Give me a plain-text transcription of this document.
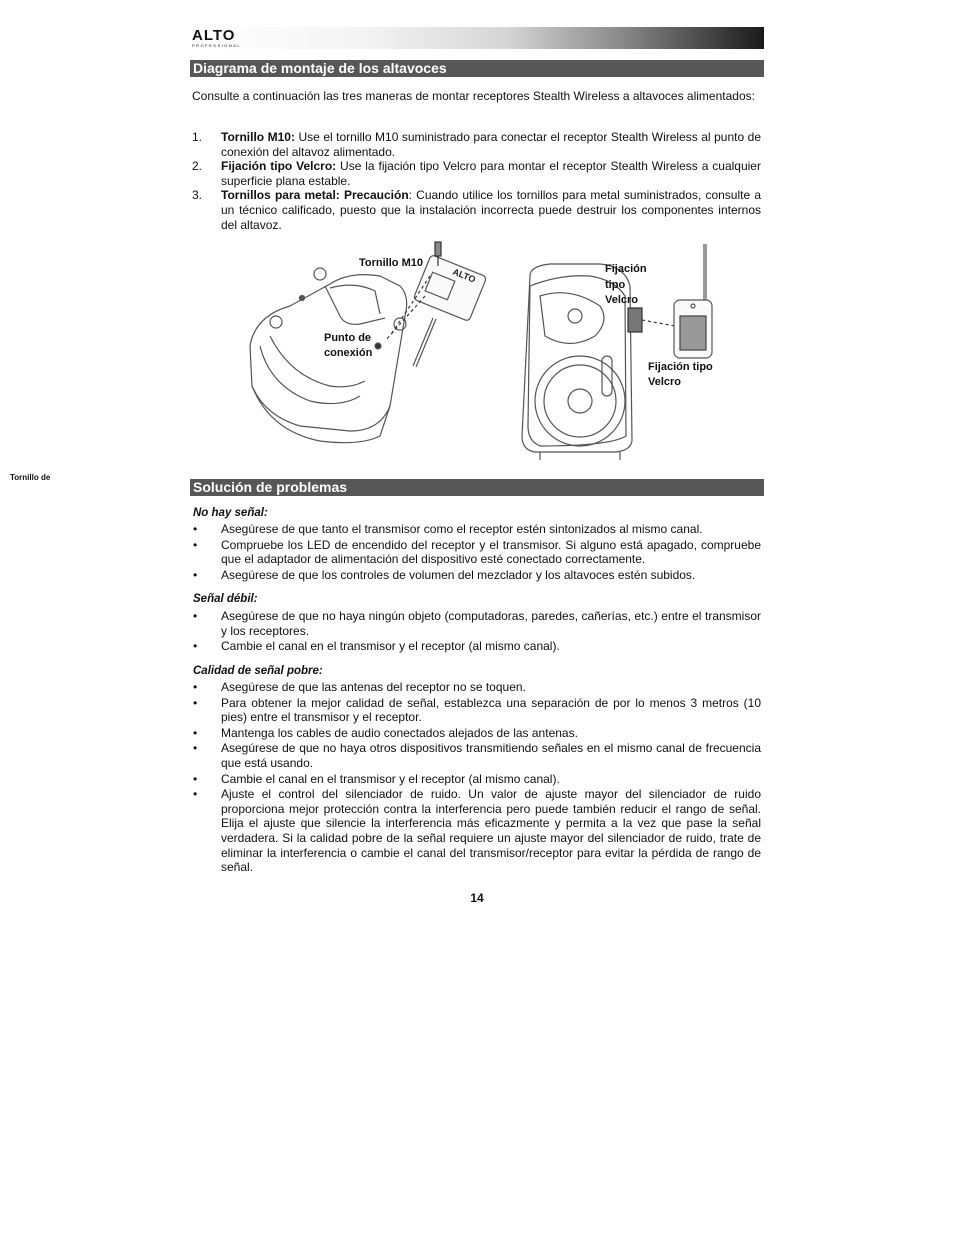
ALTO
PROFESSIONAL
Diagrama de montaje de los altavoces
Consulte a continuación las tres maneras de montar receptores Stealth Wireless a altavoces alimentados:
1. Tornillo M10: Use el tornillo M10 suministrado para conectar el receptor Stealth Wireless al punto de conexión del altavoz alimentado.
2. Fijación tipo Velcro: Use la fijación tipo Velcro para montar el receptor Stealth Wireless a cualquier superficie plana estable.
3. Tornillos para metal: Precaución: Cuando utilice los tornillos para metal suministrados, consulte a un técnico calificado, puesto que la instalación incorrecta puede destruir los componentes internos del altavoz.
ALTO
Tornillo M10
Punto de conexión
Fijación tipo Velcro
Fijación tipo Velcro
Tornillo de
Solución de problemas
No hay señal:
• Asegúrese de que tanto el transmisor como el receptor estén sintonizados al mismo canal.
• Compruebe los LED de encendido del receptor y el transmisor. Si alguno está apagado, compruebe que el adaptador de alimentación del dispositivo esté conectado correctamente.
• Asegúrese de que los controles de volumen del mezclador y los altavoces estén subidos.
Señal débil:
• Asegúrese de que no haya ningún objeto (computadoras, paredes, cañerías, etc.) entre el transmisor y los receptores.
• Cambie el canal en el transmisor y el receptor (al mismo canal).
Calidad de señal pobre:
• Asegúrese de que las antenas del receptor no se toquen.
• Para obtener la mejor calidad de señal, establezca una separación de por lo menos 3 metros (10 pies) entre el transmisor y el receptor.
• Mantenga los cables de audio conectados alejados de las antenas.
• Asegúrese de que no haya otros dispositivos transmitiendo señales en el mismo canal de frecuencia que está usando.
• Cambie el canal en el transmisor y el receptor (al mismo canal).
• Ajuste el control del silenciador de ruido. Un valor de ajuste mayor del silenciador de ruido proporciona mejor protección contra la interferencia pero puede también reducir el rango de señal. Elija el ajuste que silencie la interferencia más eficazmente y permita a la vez que pase la señal verdadera. Si la calidad pobre de la señal requiere un ajuste mayor del silenciador de ruido, trate de eliminar la interferencia o cambie el canal del transmisor/receptor para evitar la pérdida de rango de señal.
14
